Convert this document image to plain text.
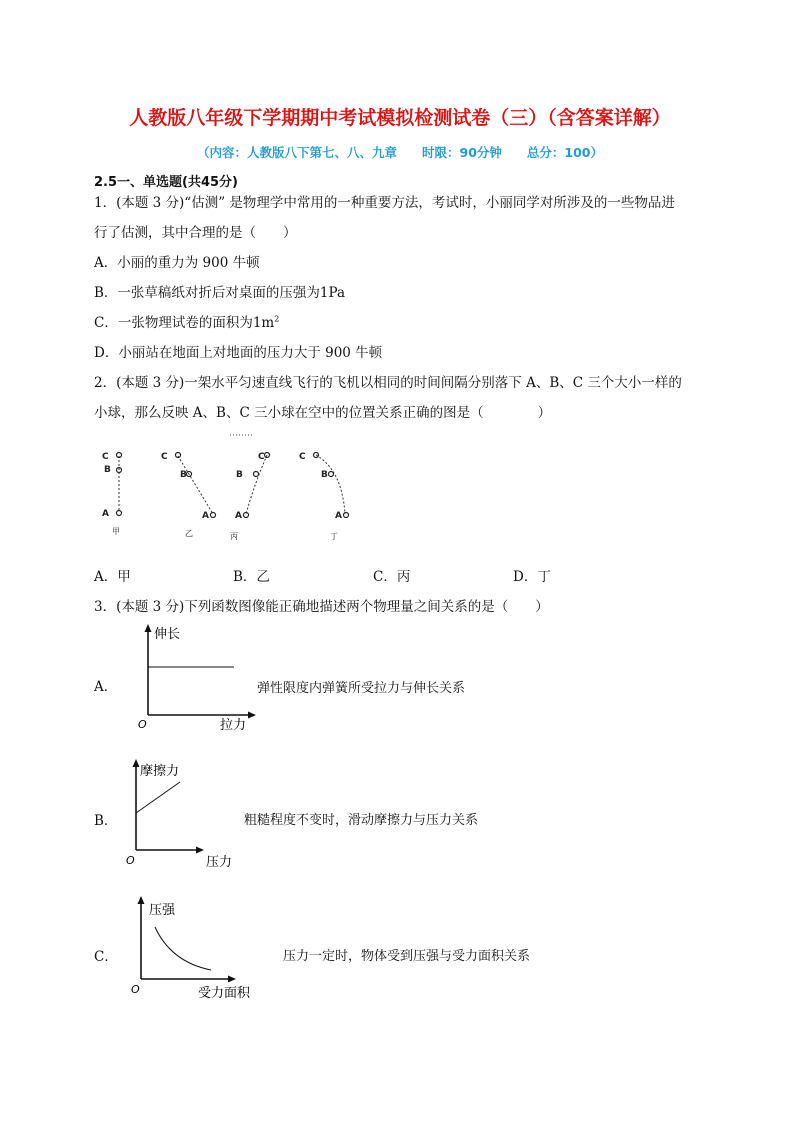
人教版八年级下学期期中考试模拟检测试卷（三）（含答案详解）
（内容：人教版八下第七、八、九章　　时限：90分钟　　总分：100）
2.5一、单选题(共45分)
1．(本题 3 分)“估测” 是物理学中常用的一种重要方法，考试时，小丽同学对所涉及的一些物品进
行了估测，其中合理的是（　　）
A．小丽的重力为 900 牛顿
B．一张草稿纸对折后对桌面的压强为1Pa
C．一张物理试卷的面积为$1m^2$
D．小丽站在地面上对地面的压力大于 900 牛顿
2．(本题 3 分)一架水平匀速直线飞行的飞机以相同的时间间隔分别落下 A、B、C 三个大小一样的
小球，那么反映 A、B、C 三小球在空中的位置关系正确的图是（　　　　）
C
B
A
甲
C
B
A
乙
C
B
A
丙
C
B
A
丁
A．甲	B．乙	C．丙	D．丁
3．(本题 3 分)下列函数图像能正确地描述两个物理量之间关系的是（　　）
A．
伸长
拉力
O
弹性限度内弹簧所受拉力与伸长关系
B．
摩擦力
压力
O
粗糙程度不变时，滑动摩擦力与压力关系
C．
压强
受力面积
O
压力一定时，物体受到压强与受力面积关系
